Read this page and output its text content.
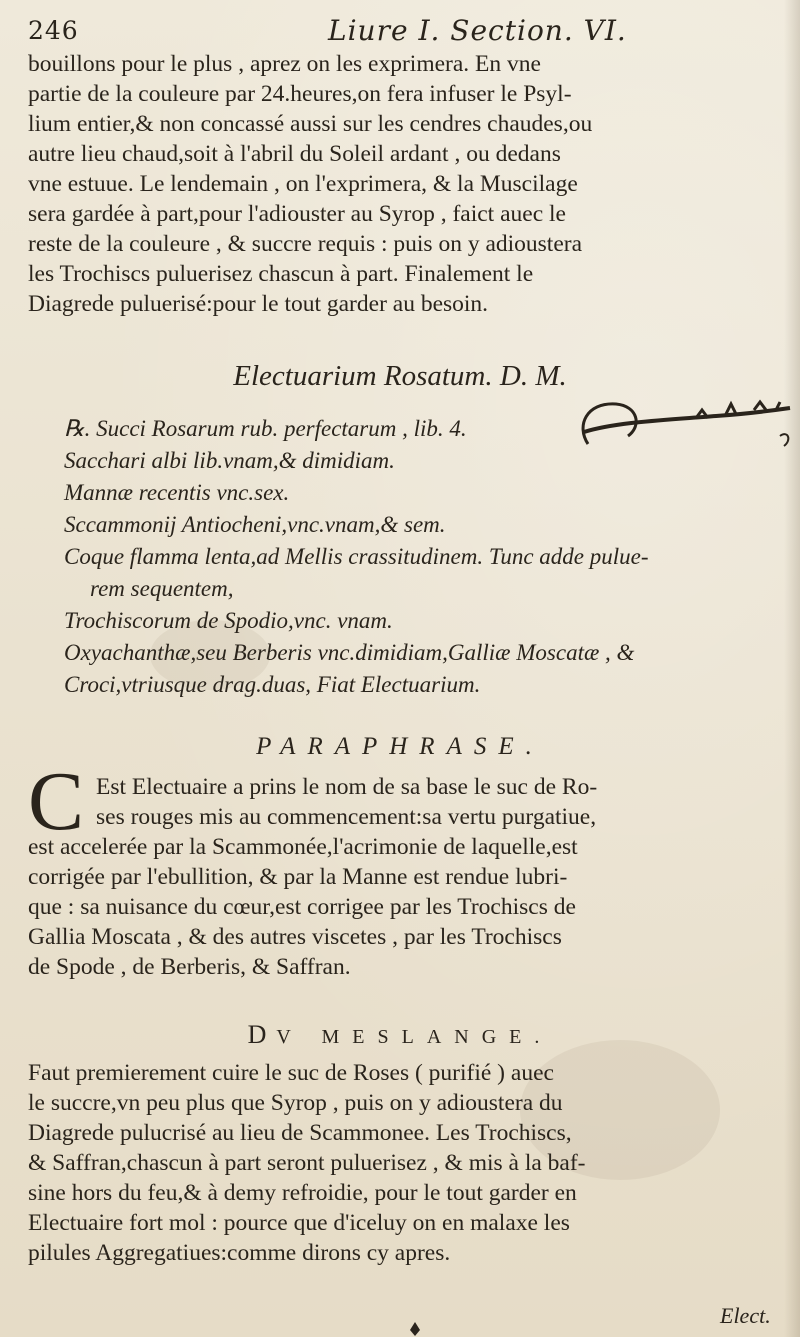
246	Liure I. Section. VI.
bouillons pour le plus , aprez on les exprimera. En vne
partie de la couleure par 24.heures,on fera infuser le Psyl-
lium entier,& non concassé aussi sur les cendres chaudes,ou
autre lieu chaud,soit à l'abril du Soleil ardant , ou dedans
vne estuue. Le lendemain , on l'exprimera, & la Muscilage
sera gardée à part,pour l'adiouster au Syrop , faict auec le
reste de la couleure , & succre requis : puis on y adioustera
les Trochiscs puluerisez chascun à part. Finalement le
Diagrede puluerisé:pour le tout garder au besoin.
Electuarium Rosatum. D. M.
℞. Succi Rosarum rub. perfectarum , lib. 4.
Sacchari albi lib.vnam,& dimidiam.
Mannæ recentis vnc.sex.
Sccammonij Antiocheni,vnc.vnam,& sem.
Coque flamma lenta,ad Mellis crassitudinem. Tunc adde pulue-
rem sequentem,
Trochiscorum de Spodio,vnc. vnam.
Oxyachanthæ,seu Berberis vnc.dimidiam,Galliæ Moscatæ , &
Croci,vtriusque drag.duas, Fiat Electuarium.
PARAPHRASE.
C Est Electuaire a prins le nom de sa base le suc de Ro-
ses rouges mis au commencement:sa vertu purgatiue,
est accelerée par la Scammonée,l'acrimonie de laquelle,est
corrigée par l'ebullition, & par la Manne est rendue lubri-
que : sa nuisance du cœur,est corrigee par les Trochiscs de
Gallia Moscata , & des autres viscetes , par les Trochiscs
de Spode , de Berberis, & Saffran.
DV MESLANGE.
Faut premierement cuire le suc de Roses ( purifié ) auec
le succre,vn peu plus que Syrop , puis on y adioustera du
Diagrede pulucrisé au lieu de Scammonee. Les Trochiscs,
& Saffran,chascun à part seront puluerisez , & mis à la baf-
sine hors du feu,& à demy refroidie, pour le tout garder en
Electuaire fort mol : pource que d'iceluy on en malaxe les
pilules Aggregatiues:comme dirons cy apres.
Elect.
